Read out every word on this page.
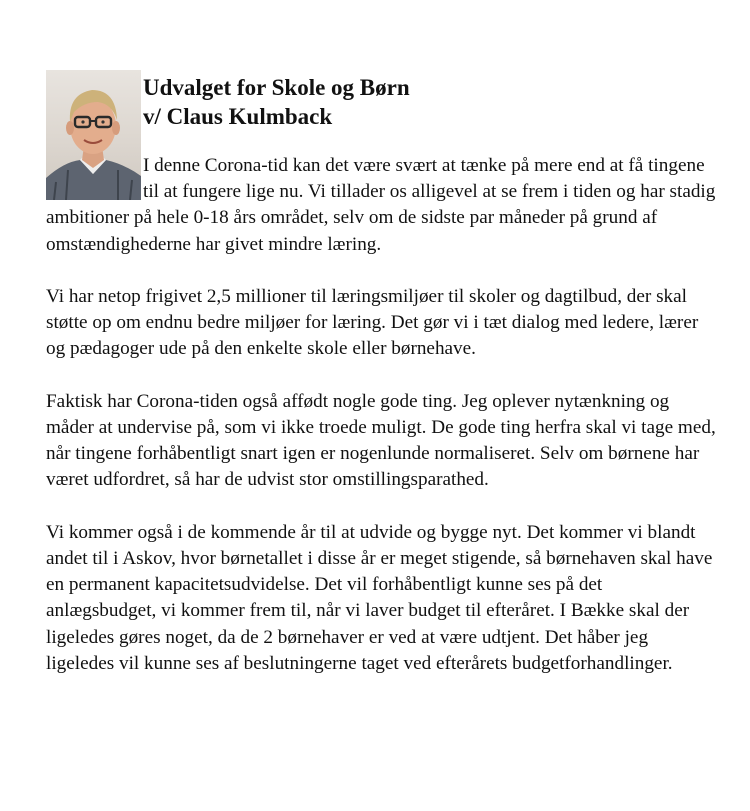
Udvalget for Skole og Børn
v/ Claus Kulmback

I denne Corona-tid kan det være svært at tænke på mere end at få tingene til at fungere lige nu. Vi tillader os alligevel at se frem i tiden og har stadig ambitioner på hele 0-18 års området, selv om de sidste par måneder på grund af omstændighederne har givet mindre læring.

Vi har netop frigivet 2,5 millioner til læringsmiljøer til skoler og dagtilbud, der skal støtte op om endnu bedre miljøer for læring. Det gør vi i tæt dialog med ledere, lærer og pædagoger ude på den enkelte skole eller børnehave.

Faktisk har Corona-tiden også affødt nogle gode ting. Jeg oplever nytænkning og måder at undervise på, som vi ikke troede muligt. De gode ting herfra skal vi tage med, når tingene forhåbentligt snart igen er nogenlunde normaliseret. Selv om børnene har været udfordret, så har de udvist stor omstillingsparathed.

Vi kommer også i de kommende år til at udvide og bygge nyt. Det kommer vi blandt andet til i Askov, hvor børnetallet i disse år er meget stigende, så børnehaven skal have en permanent kapacitetsudvidelse. Det vil forhåbentligt kunne ses på det anlægsbudget, vi kommer frem til, når vi laver budget til efteråret. I Bække skal der ligeledes gøres noget, da de 2 børnehaver er ved at være udtjent. Det håber jeg ligeledes vil kunne ses af beslutningerne taget ved efterårets budgetforhandlinger.
